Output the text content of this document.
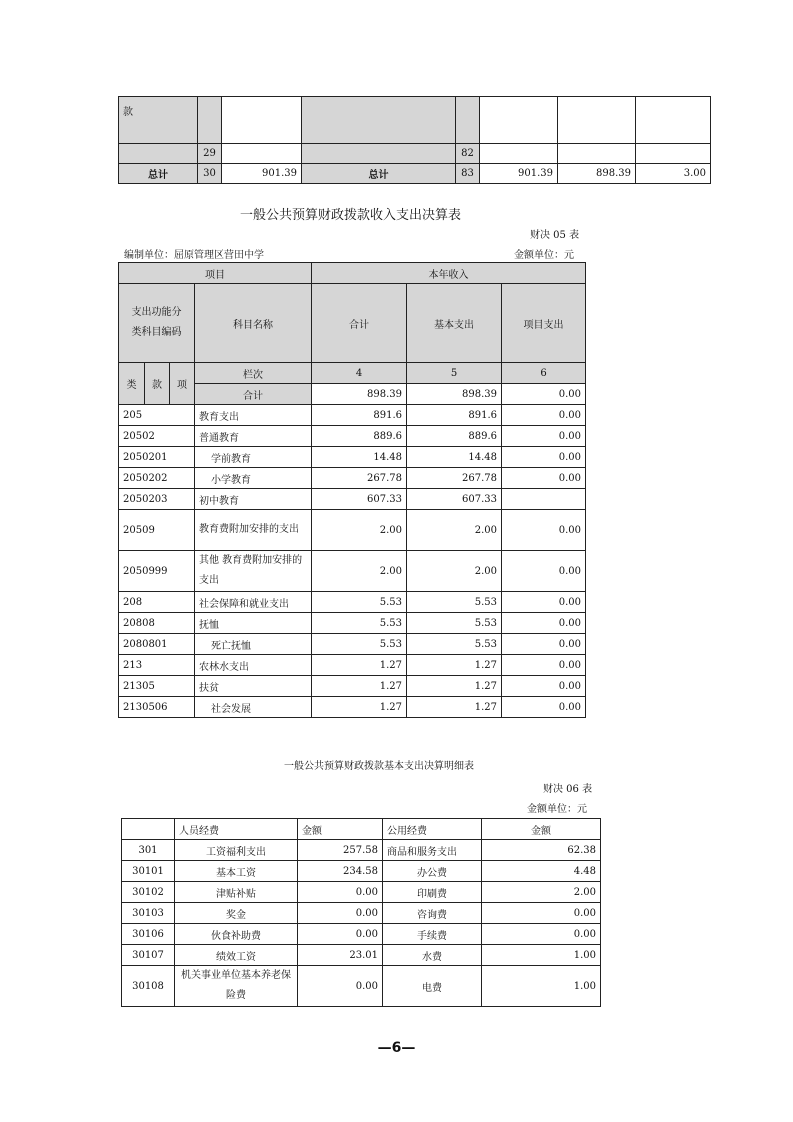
款							
	29			82			
总计	30	901.39	总计	83	901.39	898.39	3.00
一般公共预算财政拨款收入支出决算表
财决 05 表
编制单位：屈原管理区营田中学	金额单位：元
项目				本年收入		
支出功能分类科目编码			科目名称	合计	基本支出	项目支出
类	款	项	栏次	4	5	6
			合计	898.39	898.39	0.00
205			教育支出	891.6	891.6	0.00
20502			普通教育	889.6	889.6	0.00
2050201			学前教育	14.48	14.48	0.00
2050202			小学教育	267.78	267.78	0.00
2050203			初中教育	607.33	607.33	
20509			教育费附加安排的支出	2.00	2.00	0.00
2050999			其他 教育费附加安排的支出	2.00	2.00	0.00
208			社会保障和就业支出	5.53	5.53	0.00
20808			抚恤	5.53	5.53	0.00
2080801			死亡抚恤	5.53	5.53	0.00
213			农林水支出	1.27	1.27	0.00
21305			扶贫	1.27	1.27	0.00
2130506			社会发展	1.27	1.27	0.00
一般公共预算财政拨款基本支出决算明细表
财决 06 表
金额单位：元
	人员经费	金额	公用经费	金额
301	工资福利支出	257.58	商品和服务支出	62.38
30101	基本工资	234.58	办公费	4.48
30102	津贴补贴	0.00	印刷费	2.00
30103	奖金	0.00	咨询费	0.00
30106	伙食补助费	0.00	手续费	0.00
30107	绩效工资	23.01	水费	1.00
30108	机关事业单位基本养老保险费	0.00	电费	1.00
—6—
